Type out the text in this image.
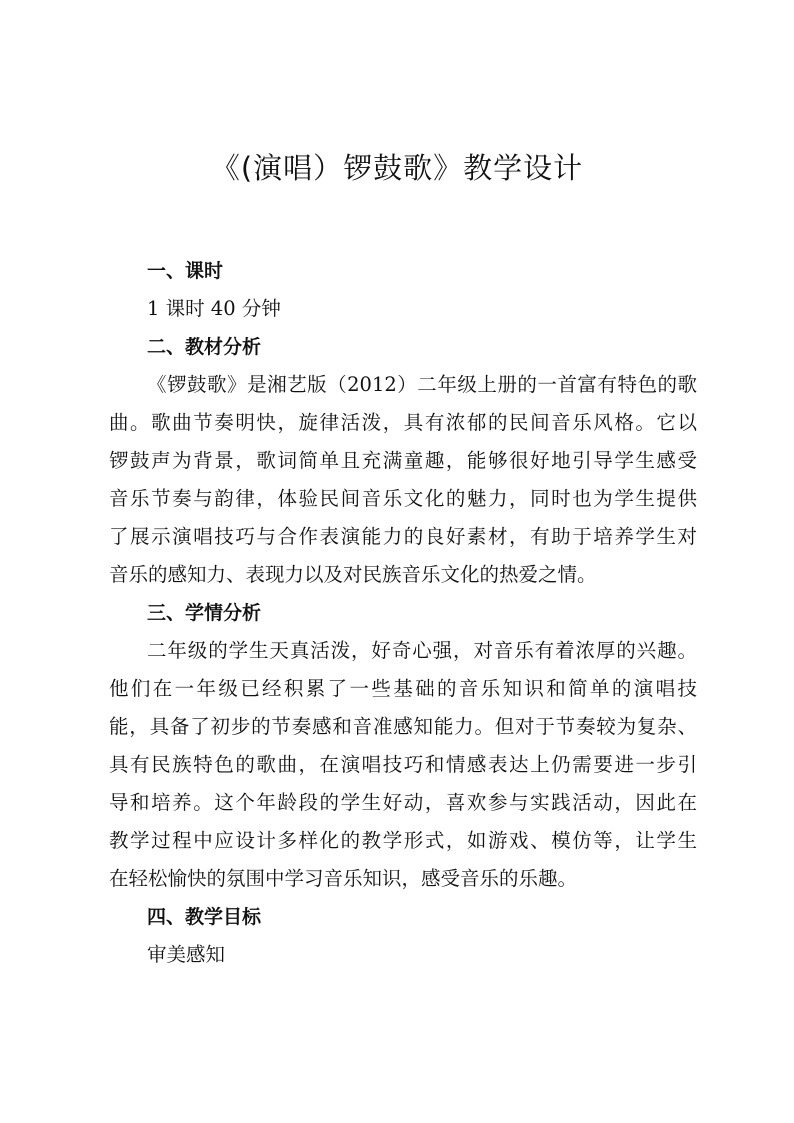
《(演唱）锣鼓歌》教学设计
一、课时
1 课时 40 分钟
二、教材分析
《锣鼓歌》是湘艺版（2012）二年级上册的一首富有特色的歌
曲。歌曲节奏明快，旋律活泼，具有浓郁的民间音乐风格。它以
锣鼓声为背景，歌词简单且充满童趣，能够很好地引导学生感受
音乐节奏与韵律，体验民间音乐文化的魅力，同时也为学生提供
了展示演唱技巧与合作表演能力的良好素材，有助于培养学生对
音乐的感知力、表现力以及对民族音乐文化的热爱之情。
三、学情分析
二年级的学生天真活泼，好奇心强，对音乐有着浓厚的兴趣。
他们在一年级已经积累了一些基础的音乐知识和简单的演唱技
能，具备了初步的节奏感和音准感知能力。但对于节奏较为复杂、
具有民族特色的歌曲，在演唱技巧和情感表达上仍需要进一步引
导和培养。这个年龄段的学生好动，喜欢参与实践活动，因此在
教学过程中应设计多样化的教学形式，如游戏、模仿等，让学生
在轻松愉快的氛围中学习音乐知识，感受音乐的乐趣。
四、教学目标
审美感知
